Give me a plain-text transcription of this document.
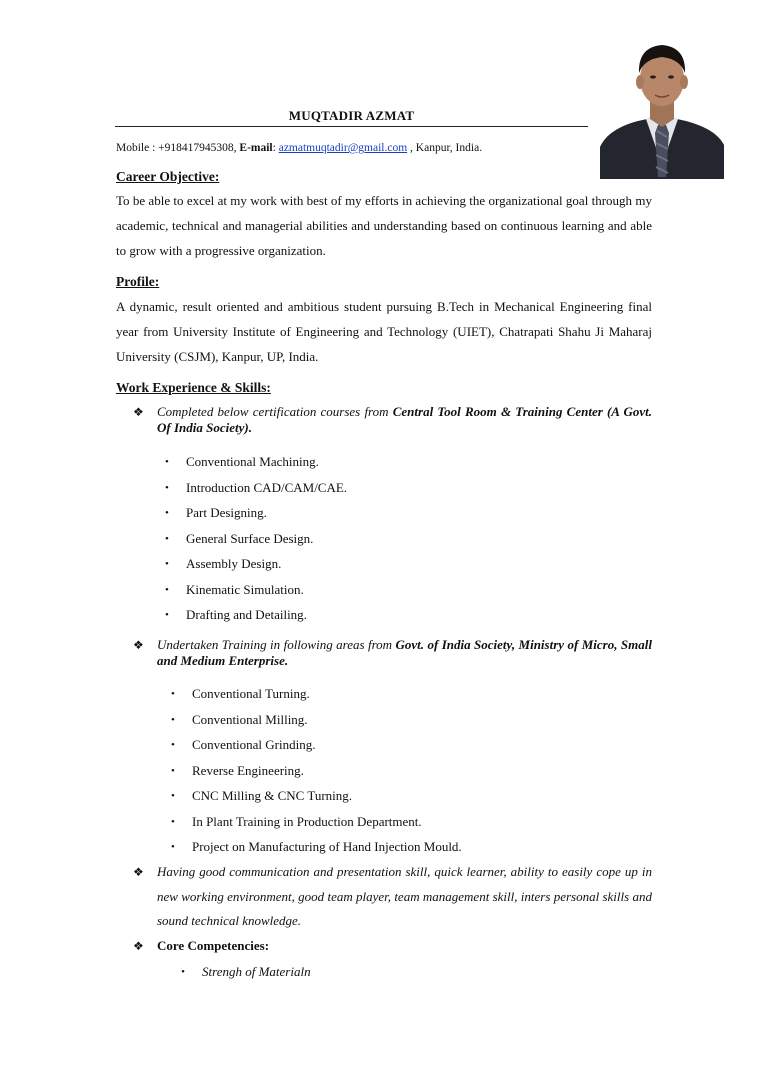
MUQTADIR AZMAT
Mobile : +918417945308, E-mail: azmatmuqtadir@gmail.com , Kanpur, India.
Career Objective:
To be able to excel at my work with best of my efforts in achieving the organizational goal through my academic, technical and managerial abilities and understanding based on continuous learning and able to grow with a progressive organization.
Profile:
A dynamic, result oriented and ambitious student pursuing B.Tech in Mechanical Engineering final year from University Institute of Engineering and Technology (UIET), Chatrapati Shahu Ji Maharaj University (CSJM), Kanpur, UP, India.
Work Experience & Skills:
❖ Completed below certification courses from Central Tool Room & Training Center (A Govt. Of India Society).
• Conventional Machining.
• Introduction CAD/CAM/CAE.
• Part Designing.
• General Surface Design.
• Assembly Design.
• Kinematic Simulation.
• Drafting and Detailing.
❖ Undertaken Training in following areas from Govt. of India Society, Ministry of Micro, Small and Medium Enterprise.
• Conventional Turning.
• Conventional Milling.
• Conventional Grinding.
• Reverse Engineering.
• CNC Milling & CNC Turning.
• In Plant Training in Production Department.
• Project on Manufacturing of Hand Injection Mould.
❖ Having good communication and presentation skill, quick learner, ability to easily cope up in new working environment, good team player, team management skill, inters personal skills and sound technical knowledge.
❖ Core Competencies:
• Strengh of Materialn
